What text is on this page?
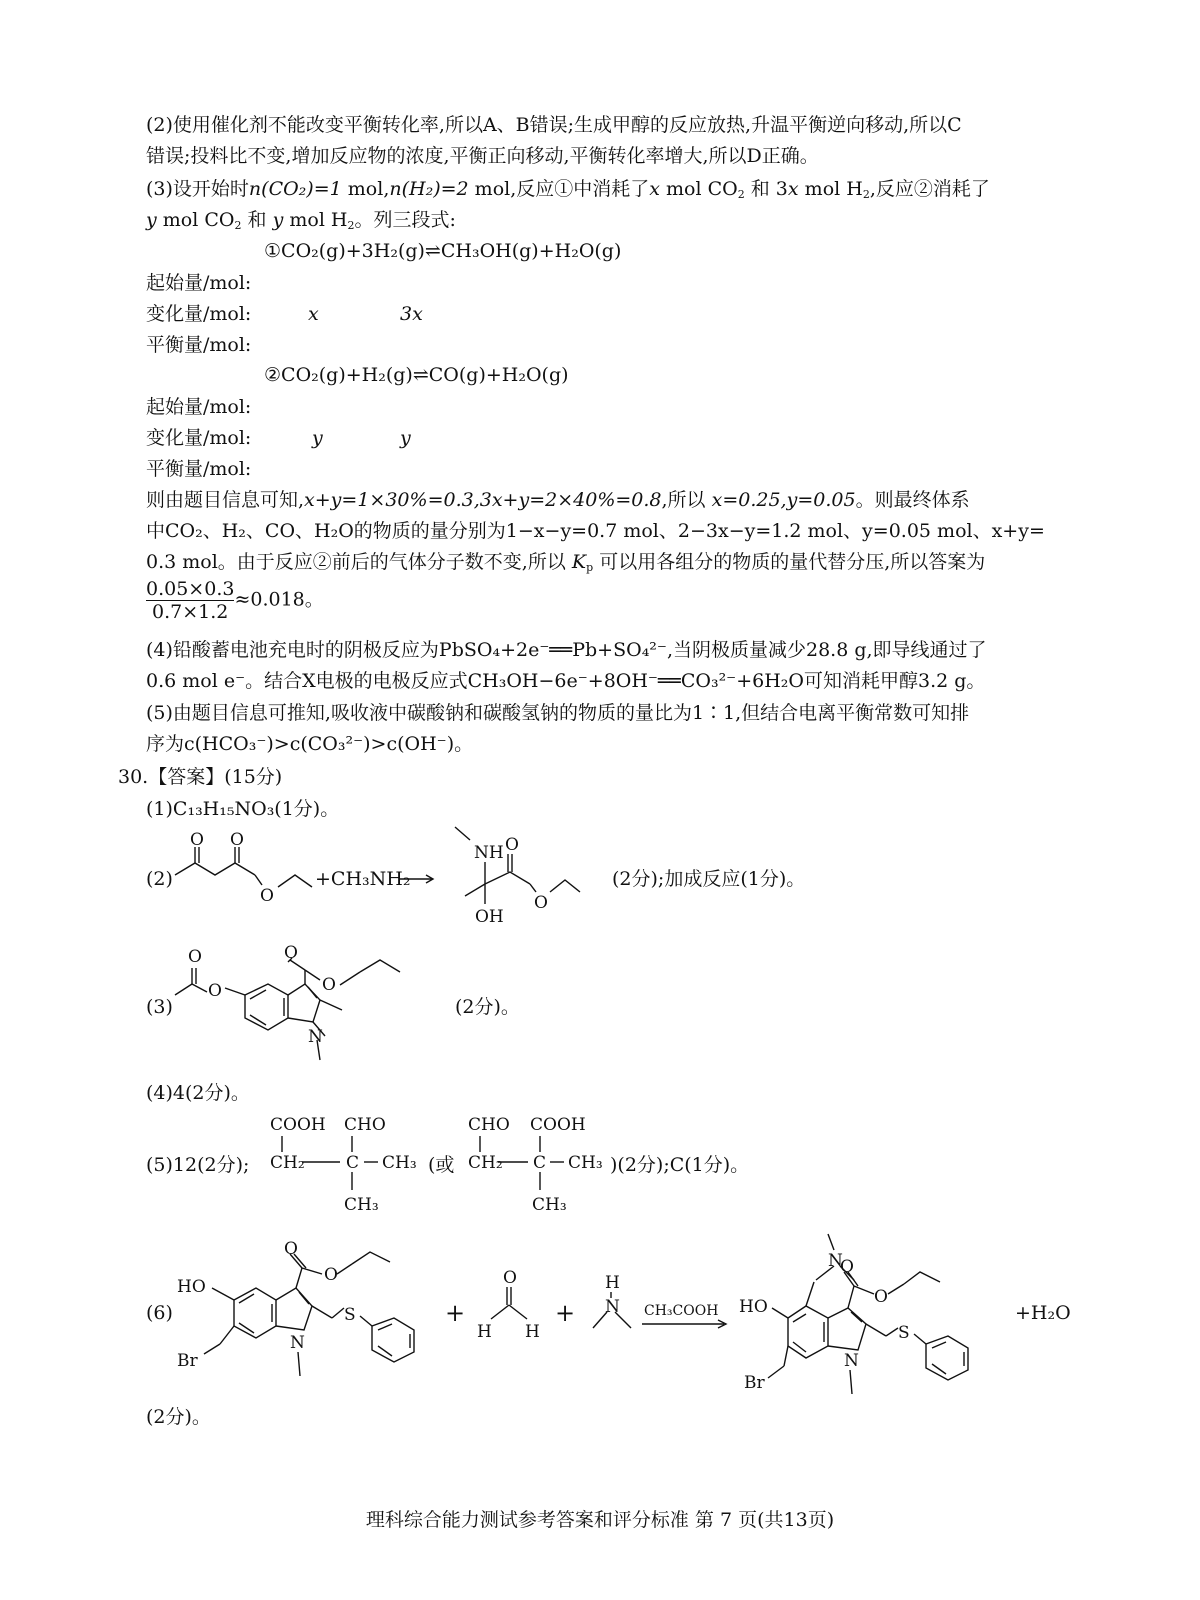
(2)使用催化剂不能改变平衡转化率,所以A、B错误;生成甲醇的反应放热,升温平衡逆向移动,所以C
错误;投料比不变,增加反应物的浓度,平衡正向移动,平衡转化率增大,所以D正确。
(3)设开始时n(CO₂)=1 mol,n(H₂)=2 mol,反应①中消耗了x mol $CO_2$ 和 3x mol $H_2$,反应②消耗了
y mol $CO_2$ 和 y mol $H_2$。列三段式:
①CO₂(g)+3H₂(g)⇌CH₃OH(g)+H₂O(g)
起始量/mol:
变化量/mol:	x	3x
平衡量/mol:
②CO₂(g)+H₂(g)⇌CO(g)+H₂O(g)
起始量/mol:
变化量/mol:	y	y
平衡量/mol:
则由题目信息可知,x+y=1×30%=0.3,3x+y=2×40%=0.8,所以 x=0.25,y=0.05。则最终体系
中CO₂、H₂、CO、H₂O的物质的量分别为1−x−y=0.7 mol、2−3x−y=1.2 mol、y=0.05 mol、x+y=
0.3 mol。由于反应②前后的气体分子数不变,所以 $K_p$ 可以用各组分的物质的量代替分压,所以答案为
$\frac{0.05\times 0.3}{0.7\times 1.2} \approx 0.018$。
(4)铅酸蓄电池充电时的阴极反应为PbSO₄+2e⁻══Pb+SO₄²⁻,当阴极质量减少28.8 g,即导线通过了
0.6 mol e⁻。结合X电极的电极反应式CH₃OH−6e⁻+8OH⁻══CO₃²⁻+6H₂O可知消耗甲醇3.2 g。
(5)由题目信息可推知,吸收液中碳酸钠和碳酸氢钠的物质的量比为1∶1,但结合电离平衡常数可知排
序为c(HCO₃⁻)>c(CO₃²⁻)>c(OH⁻)。
30.【答案】(15分)
(1)C₁₃H₁₅NO₃(1分)。
(2)
O O
O
+CH₃NH₂
NH O
O
OH
(2分);加成反应(1分)。
(3)
O
O
O
O
N
(2分)。
(4)4(2分)。
(5)12(2分);
COOH CHO
CH₂ C CH₃
CH₃
(或
CHO COOH
CH₂ C CH₃
CH₃
)(2分);C(1分)。
(6)
HO
Br
O
O
S
N
+
O
H H
+
H
N CH₃COOH HO
Br
N
O
O
S
N
+H₂O
(2分)。
理科综合能力测试参考答案和评分标准 第 7 页(共13页)
